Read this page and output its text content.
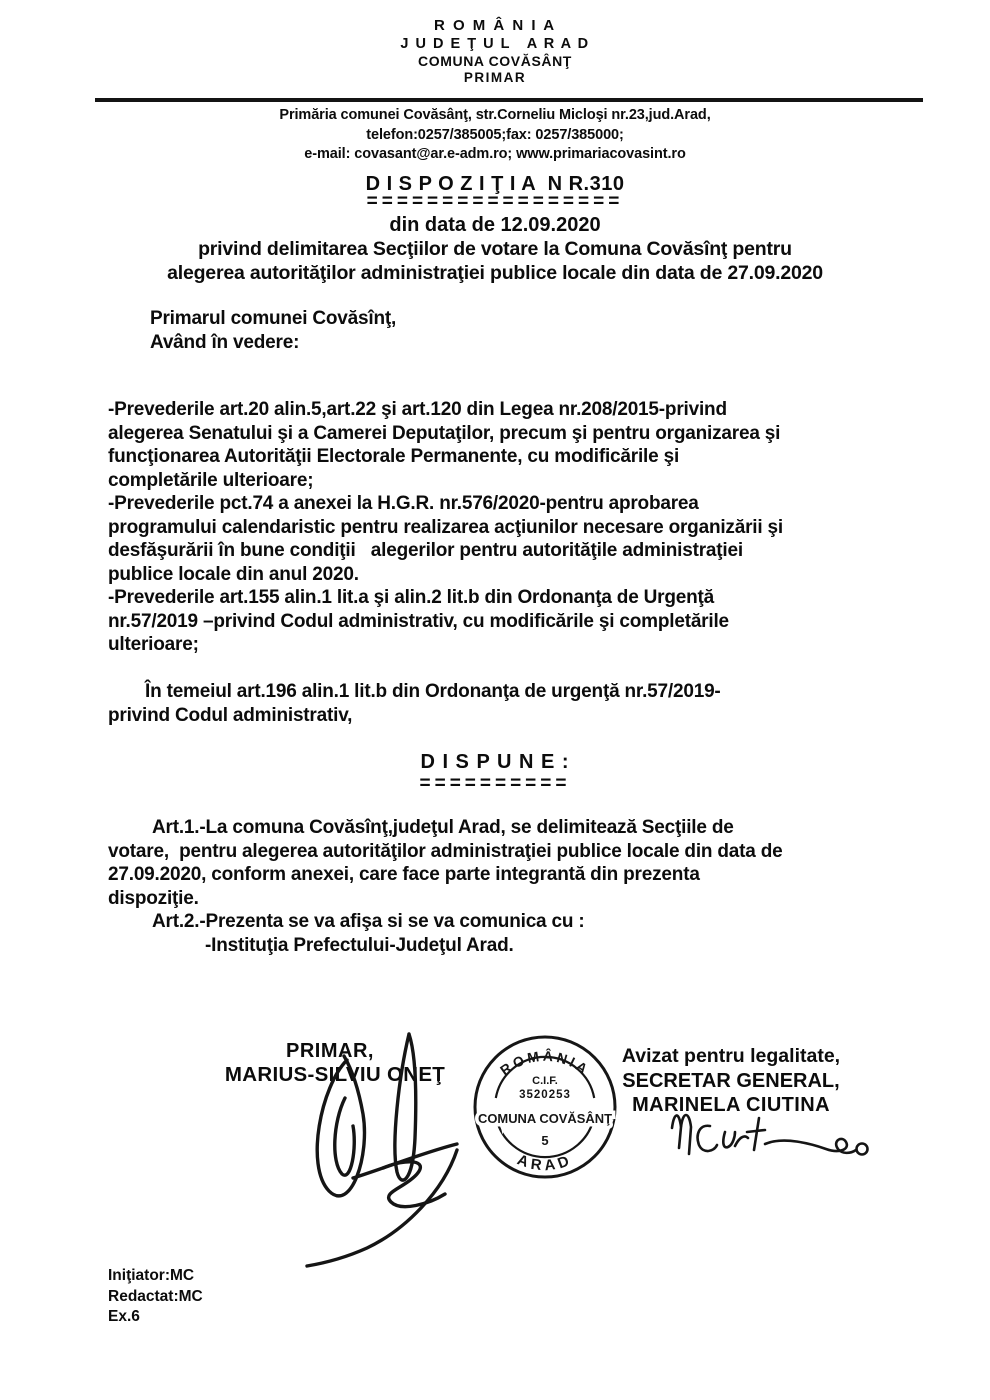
R O M Â N I A
J U D E Ţ U L   A R A D
COMUNA COVĂSÂNŢ
PRIMAR
Primăria comunei Covăsânţ, str.Corneliu Micloşi nr.23,jud.Arad,
telefon:0257/385005;fax: 0257/385000;
e-mail: covasant@ar.e-adm.ro; www.primariacovasint.ro
D I S P O Z I Ţ I A  N R.310
=================
din data de 12.09.2020
privind delimitarea Secţiilor de votare la Comuna Covăsînţ pentru
alegerea autorităţilor administraţiei publice locale din data de 27.09.2020
Primarul comunei Covăsînţ,
Având în vedere:
-Prevederile art.20 alin.5,art.22 şi art.120 din Legea nr.208/2015-privind
alegerea Senatului şi a Camerei Deputaţilor, precum şi pentru organizarea şi
funcţionarea Autorităţii Electorale Permanente, cu modificările şi
completările ulterioare;
-Prevederile pct.74 a anexei la H.G.R. nr.576/2020-pentru aprobarea
programului calendaristic pentru realizarea acţiunilor necesare organizării şi
desfăşurării în bune condiţii   alegerilor pentru autorităţile administraţiei
publice locale din anul 2020.
-Prevederile art.155 alin.1 lit.a şi alin.2 lit.b din Ordonanţa de Urgenţă
nr.57/2019 –privind Codul administrativ, cu modificările şi completările
ulterioare;
În temeiul art.196 alin.1 lit.b din Ordonanţa de urgenţă nr.57/2019-
privind Codul administrativ,
D I S P U N E :
==========
Art.1.-La comuna Covăsînţ,judeţul Arad, se delimitează Secţiile de
votare,  pentru alegerea autorităţilor administraţiei publice locale din data de
27.09.2020, conform anexei, care face parte integrantă din prezenta
dispoziţie.
Art.2.-Prezenta se va afişa si se va comunica cu :
-Instituţia Prefectului-Judeţul Arad.
PRIMAR,
MARIUS-SILVIU ONEŢ	ROMÂNIA
ARAD
C.I.F.
3520253
COMUNA COVĂSÂNŢ
5
Avizat pentru legalitate,
SECRETAR GENERAL,
MARINELA CIUTINA
Iniţiator:MC
Redactat:MC
Ex.6
